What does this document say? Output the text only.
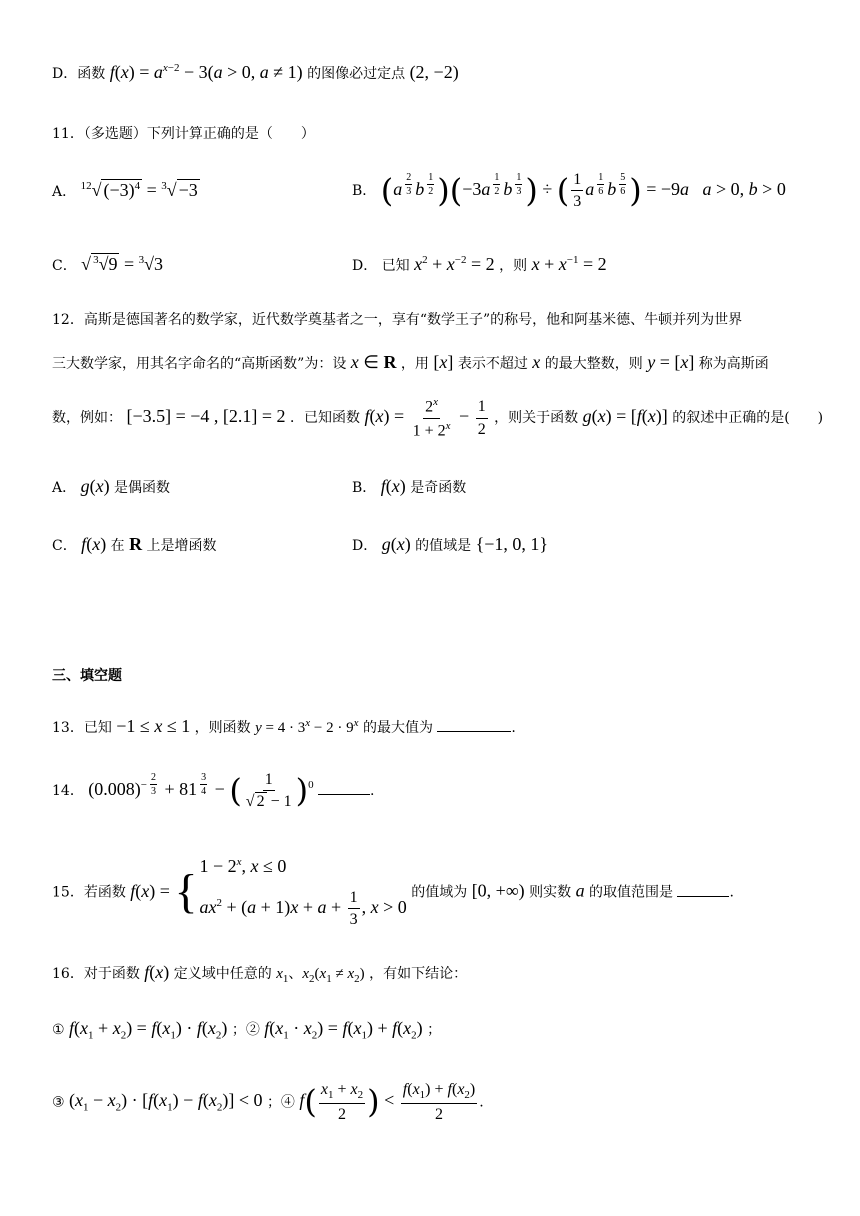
D．函数 $f(x) = a^{x-2} - 3(a > 0$, a ≠ 1) 的图像必过定点 (2, −2)
11．（多选题）下列计算正确的是（　　）
A． $^{12}$√ $(-3)^4 = ^3√ -3$	B． (a $^{\frac{2}{3}}$ b $^{\frac{1}{2}}$ )(−3a $^{\frac{1}{2}}$ b $^{\frac{1}{3}}$ ) ÷ ( $\frac{1}{3}$ a $^{\frac{1}{6}}$ b $^{\frac{5}{6}}$ ) = −9a a > 0, b > 0
C． √ $^3$√9 = $^3$√3	D． 已知 $x^2 + x^{-2} = 2$ ，则 $x + x^{-1} = 2$
12．高斯是德国著名的数学家，近代数学奠基者之一，享有“数学王子”的称号，他和阿基米德、牛顿并列为世界
三大数学家，用其名字命名的“高斯函数”为：设 x ∈ R ，用 [x] 表示不超过 x 的最大整数，则 y = [x] 称为高斯函
数，例如： [−3.5] = −4 , [2.1] = 2 ．已知函数 $f(x) = \frac{2^x}{1 + 2^x} - \frac{1}{2}$ ，则关于函数 g(x) = [f(x)] 的叙述中正确的是(　　)
A． g(x) 是偶函数	B． f(x) 是奇函数
C． f(x) 在 R 上是增函数	D． g(x) 的值域是 {−1, 0, 1}
三、填空题
13．已知 −1 ≤ x ≤ 1 ，则函数 $y = 4 \cdot 3^x - 2 \cdot 9^x$ 的最大值为	.
14． $(0.008)^{- \frac{2}{3}} + 81$ $^{\frac{3}{4}}$ − ( $\frac{1}{√ 2 - 1} )^0$	.
15．若函数 f(x) = { $1 - 2^x$, x ≤ 0
$ax^2 + (a + 1)x + a + \frac{1}{3}$ , x > 0
的值域为 [0, +∞) 则实数 a 的取值范围是	.
16．对于函数 f(x) 定义域中任意的 $x_1$、$x_2(x_1 \ne x_2)$ ，有如下结论：
① $f(x_1 + x_2) = f(x_1) \cdot f(x_2)$ ；② $f(x_1 \cdot x_2) = f(x_1) + f(x_2)$ ；
③ $(x_1 - x_2) \cdot [f(x_1) - f(x_2)] < 0$ ；④ $f( \frac{x_1 + x_2}{2}$ ) < $\frac{f(x_1) + f(x_2)}{2}$ .
